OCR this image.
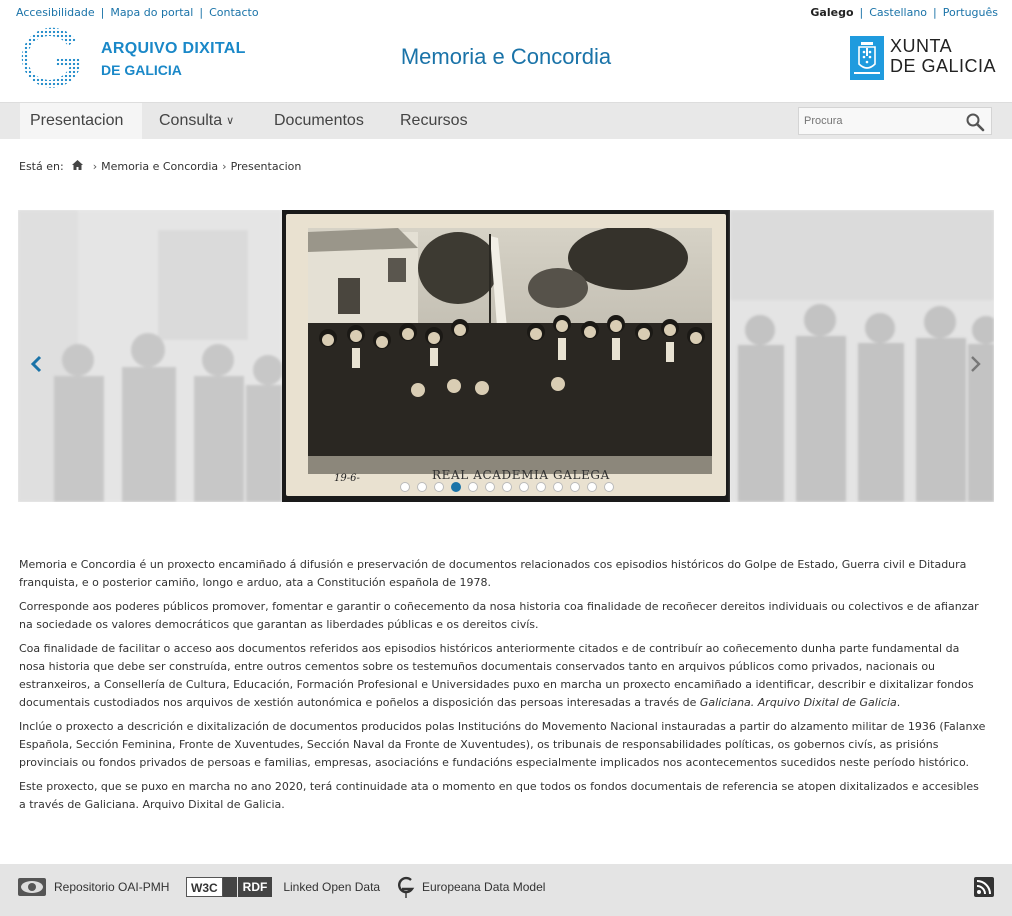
Accesibilidade | Mapa do portal | Contacto	Galego | Castellano | Português
ARQUIVO DIXITAL
DE GALICIA
Memoria e Concordia	XUNTA
DE GALICIA
Presentacion	Consulta ∨	Documentos	Recursos
Procura
Está en:	› Memoria e Concordia › Presentacion
19-6-	REAL ACADEMIA GALEGA

Memoria e Concordia é un proxecto encamiñado á difusión e preservación de documentos relacionados cos episodios históricos do Golpe de Estado, Guerra civil e Ditadura franquista, e o posterior camiño, longo e arduo, ata a Constitución española de 1978.

Corresponde aos poderes públicos promover, fomentar e garantir o coñecemento da nosa historia coa finalidade de recoñecer dereitos individuais ou colectivos e de afianzar na sociedade os valores democráticos que garantan as liberdades públicas e os dereitos civís.

Coa finalidade de facilitar o acceso aos documentos referidos aos episodios históricos anteriormente citados e de contribuír ao coñecemento dunha parte fundamental da nosa historia que debe ser construída, entre outros cementos sobre os testemuños documentais conservados tanto en arquivos públicos como privados, nacionais ou estranxeiros, a Consellería de Cultura, Educación, Formación Profesional e Universidades puxo en marcha un proxecto encamiñado a identificar, describir e dixitalizar fondos documentais custodiados nos arquivos de xestión autonómica e poñelos a disposición das persoas interesadas a través de Galiciana. Arquivo Dixital de Galicia.

Inclúe o proxecto a descrición e dixitalización de documentos producidos polas Institucións do Movemento Nacional instauradas a partir do alzamento militar de 1936 (Falanxe Española, Sección Feminina, Fronte de Xuventudes, Sección Naval da Fronte de Xuventudes), os tribunais de responsabilidades políticas, os gobernos civís, as prisións provinciais ou fondos privados de persoas e familias, empresas, asociacións e fundacións especialmente implicados nos acontecementos sucedidos neste período histórico.

Este proxecto, que se puxo en marcha no ano 2020, terá continuidade ata o momento en que todos os fondos documentais de referencia se atopen dixitalizados e accesibles a través de Galiciana. Arquivo Dixital de Galicia.

Repositorio OAI-PMH	W3C	RDF	Linked Open Data	Europeana Data Model
